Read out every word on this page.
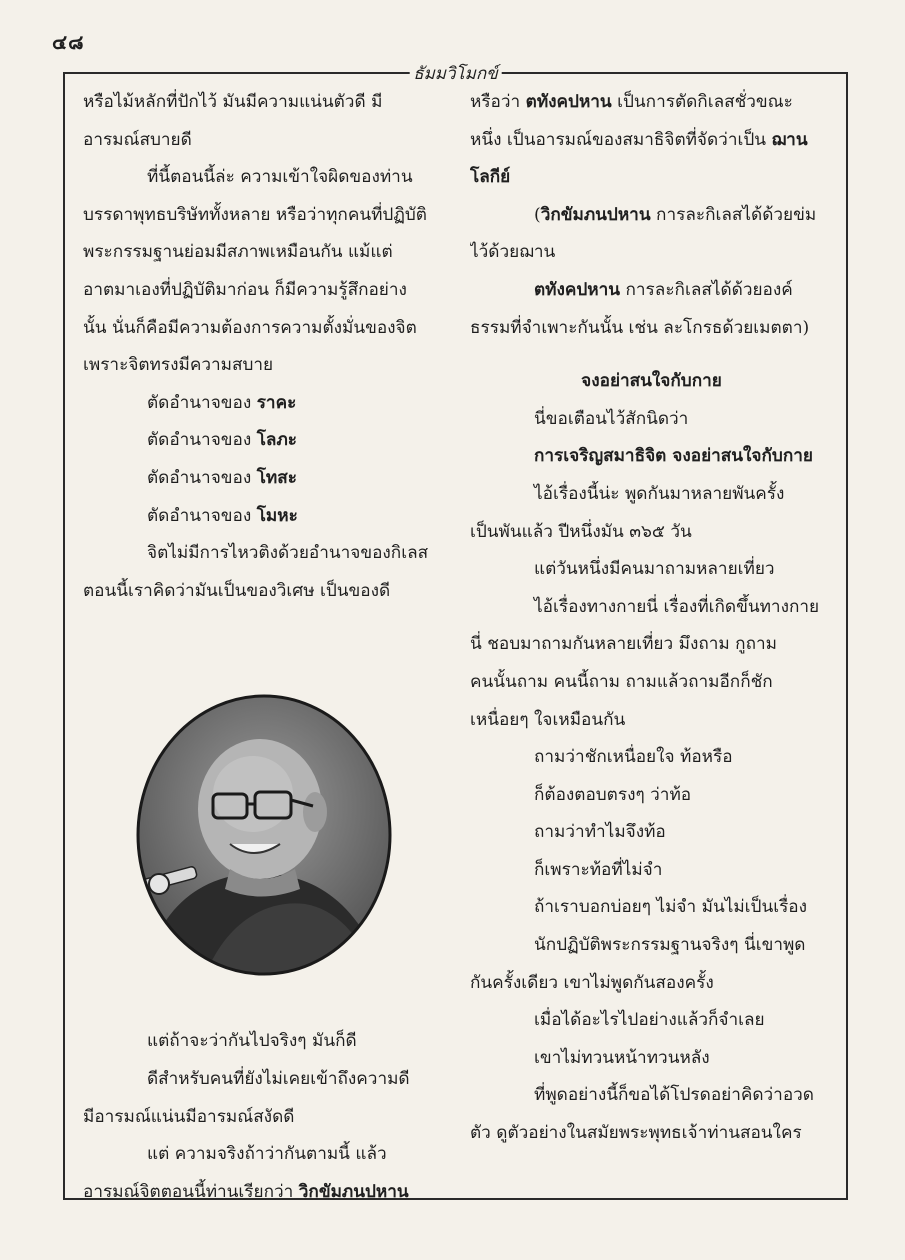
๔๘
ธัมมวิโมกข์
หรือไม้หลักที่ปักไว้ มันมีความแน่นตัวดี มี
อารมณ์สบายดี
ที่นี้ตอนนี้ล่ะ ความเข้าใจผิดของท่าน
บรรดาพุทธบริษัททั้งหลาย หรือว่าทุกคนที่ปฏิบัติ
พระกรรมฐานย่อมมีสภาพเหมือนกัน แม้แต่
อาตมาเองที่ปฏิบัติมาก่อน ก็มีความรู้สึกอย่าง
นั้น นั่นก็คือมีความต้องการความตั้งมั่นของจิต
เพราะจิตทรงมีความสบาย
ตัดอำนาจของ ราคะ
ตัดอำนาจของ โลภะ
ตัดอำนาจของ โทสะ
ตัดอำนาจของ โมหะ
จิตไม่มีการไหวติงด้วยอำนาจของกิเลส
ตอนนี้เราคิดว่ามันเป็นของวิเศษ เป็นของดี
แต่ถ้าจะว่ากันไปจริงๆ มันก็ดี
ดีสำหรับคนที่ยังไม่เคยเข้าถึงความดี
มีอารมณ์แน่นมีอารมณ์สงัดดี
แต่ ความจริงถ้าว่ากันตามนี้ แล้ว
อารมณ์จิตตอนนี้ท่านเรียกว่า วิกขัมภนปหาน
หรือว่า ตทังคปหาน เป็นการตัดกิเลสชั่วขณะ
หนึ่ง เป็นอารมณ์ของสมาธิจิตที่จัดว่าเป็น ฌาน
โลกีย์
(วิกขัมภนปหาน การละกิเลสได้ด้วยข่ม
ไว้ด้วยฌาน
ตทังคปหาน การละกิเลสได้ด้วยองค์
ธรรมที่จำเพาะกันนั้น เช่น ละโกรธด้วยเมตตา)
จงอย่าสนใจกับกาย
นี่ขอเตือนไว้สักนิดว่า
การเจริญสมาธิจิต จงอย่าสนใจกับกาย
ไอ้เรื่องนี้น่ะ พูดกันมาหลายพันครั้ง
เป็นพันแล้ว ปีหนึ่งมัน ๓๖๕ วัน
แต่วันหนึ่งมีคนมาถามหลายเที่ยว
ไอ้เรื่องทางกายนี่ เรื่องที่เกิดขึ้นทางกาย
นี่ ชอบมาถามกันหลายเที่ยว มึงถาม กูถาม
คนนั้นถาม คนนี้ถาม ถามแล้วถามอีกก็ชัก
เหนื่อยๆ ใจเหมือนกัน
ถามว่าชักเหนื่อยใจ ท้อหรือ
ก็ต้องตอบตรงๆ ว่าท้อ
ถามว่าทำไมจึงท้อ
ก็เพราะท้อที่ไม่จำ
ถ้าเราบอกบ่อยๆ ไม่จำ มันไม่เป็นเรื่อง
นักปฏิบัติพระกรรมฐานจริงๆ นี่เขาพูด
กันครั้งเดียว เขาไม่พูดกันสองครั้ง
เมื่อได้อะไรไปอย่างแล้วก็จำเลย
เขาไม่ทวนหน้าทวนหลัง
ที่พูดอย่างนี้ก็ขอได้โปรดอย่าคิดว่าอวด
ตัว ดูตัวอย่างในสมัยพระพุทธเจ้าท่านสอนใคร
